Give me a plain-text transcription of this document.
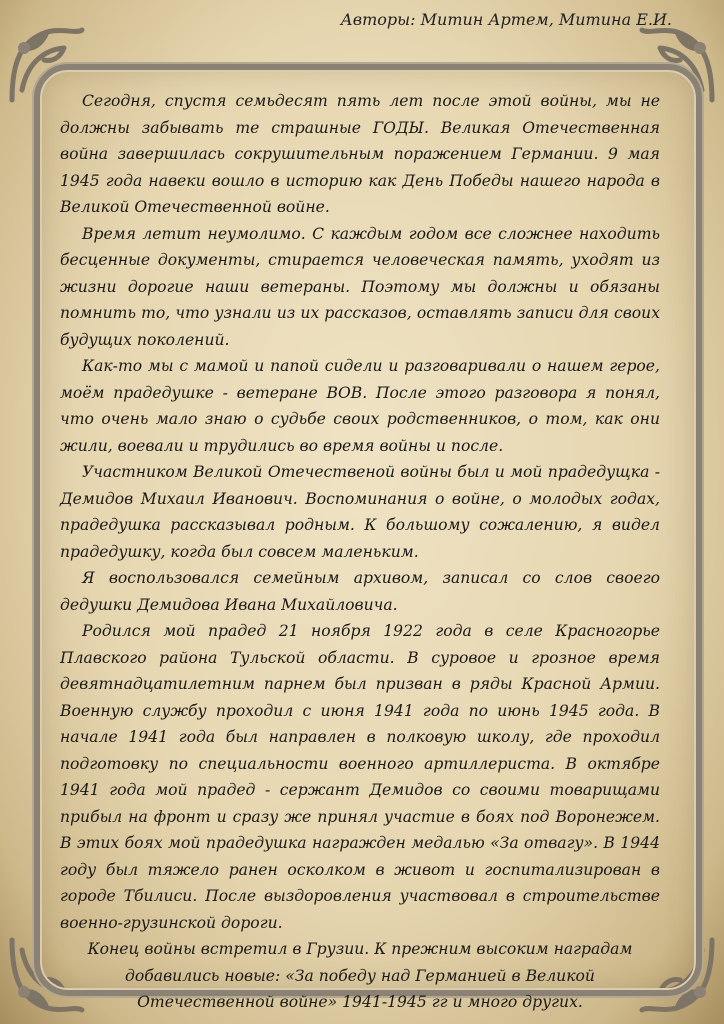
Авторы: Митин Артем, Митина Е.И.

Сегодня, спустя семьдесят пять лет после этой войны, мы не должны забывать те страшные ГОДЫ. Великая Отечественная война завершилась сокрушительным поражением Германии. 9 мая 1945 года навеки вошло в историю как День Победы нашего народа в Великой Отечественной войне.

Время летит неумолимо. С каждым годом все сложнее находить бесценные документы, стирается человеческая память, уходят из жизни дорогие наши ветераны. Поэтому мы должны и обязаны помнить то, что узнали из их рассказов, оставлять записи для своих будущих поколений.

Как-то мы с мамой и папой сидели и разговаривали о нашем герое, моём прадедушке - ветеране ВОВ. После этого разговора я понял, что очень мало знаю о судьбе своих родственников, о том, как они жили, воевали и трудились во время войны и после.

Участником Великой Отечественой войны был и мой прадедущка - Демидов Михаил Иванович. Воспоминания о войне, о молодых годах, прадедушка рассказывал родным. К большому сожалению, я видел прадедушку, когда был совсем маленьким.

Я воспользовался семейным архивом, записал со слов своего дедушки Демидова Ивана Михайловича.

Родился мой прадед 21 ноября 1922 года в селе Красногорье Плавского района Тульской области. В суровое и грозное время девятнадцатилетним парнем был призван в ряды Красной Армии. Военную службу проходил с июня 1941 года по июнь 1945 года. В начале 1941 года был направлен в полковую школу, где проходил подготовку по специальности военного артиллериста. В октябре 1941 года мой прадед - сержант Демидов со своими товарищами прибыл на фронт и сразу же принял участие в боях под Воронежем. В этих боях мой прадедушка награжден медалью «За отвагу». В 1944 году был тяжело ранен осколком в живот и госпитализирован в городе Тбилиси. После выздоровления участвовал в строительстве военно-грузинской дороги.

Конец войны встретил в Грузии. К прежним высоким наградам добавились новые: «За победу над Германией в Великой Отечественной войне» 1941-1945 гг и много других.
